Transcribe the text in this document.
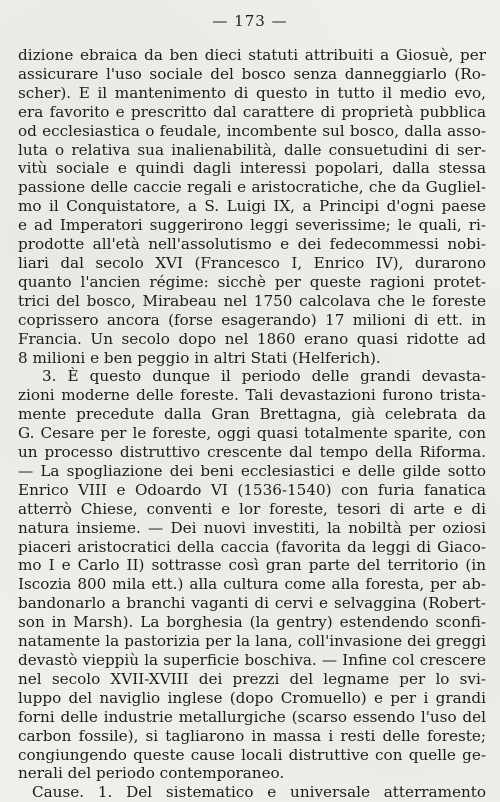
— 173 —
dizione ebraica da ben dieci statuti attribuiti a Giosuè, per
assicurare l'uso sociale del bosco senza danneggiarlo (Ro-
scher). E il mantenimento di questo in tutto il medio evo,
era favorito e prescritto dal carattere di proprietà pubblica
od ecclesiastica o feudale, incombente sul bosco, dalla asso-
luta o relativa sua inalienabilità, dalle consuetudini di ser-
vitù sociale e quindi dagli interessi popolari, dalla stessa
passione delle caccie regali e aristocratiche, che da Gugliel-
mo il Conquistatore, a S. Luigi IX, a Principi d'ogni paese
e ad Imperatori suggerirono leggi severissime; le quali, ri-
prodotte all'età nell'assolutismo e dei fedecommessi nobi-
liari dal secolo XVI (Francesco I, Enrico IV), durarono
quanto l'ancien régime: sicchè per queste ragioni protet-
trici del bosco, Mirabeau nel 1750 calcolava che le foreste
coprissero ancora (forse esagerando) 17 milioni di ett. in
Francia. Un secolo dopo nel 1860 erano quasi ridotte ad
8 milioni e ben peggio in altri Stati (Helferich).
3. È questo dunque il periodo delle grandi devasta-
zioni moderne delle foreste. Tali devastazioni furono trista-
mente precedute dalla Gran Brettagna, già celebrata da
G. Cesare per le foreste, oggi quasi totalmente sparite, con
un processo distruttivo crescente dal tempo della Riforma.
— La spogliazione dei beni ecclesiastici e delle gilde sotto
Enrico VIII e Odoardo VI (1536-1540) con furia fanatica
atterrò Chiese, conventi e lor foreste, tesori di arte e di
natura insieme. — Dei nuovi investiti, la nobiltà per oziosi
piaceri aristocratici della caccia (favorita da leggi di Giaco-
mo I e Carlo II) sottrasse così gran parte del territorio (in
Iscozia 800 mila ett.) alla cultura come alla foresta, per ab-
bandonarlo a branchi vaganti di cervi e selvaggina (Robert-
son in Marsh). La borghesia (la gentry) estendendo sconfi-
natamente la pastorizia per la lana, coll'invasione dei greggi
devastò vieppiù la superficie boschiva. — Infine col crescere
nel secolo XVII-XVIII dei prezzi del legname per lo svi-
luppo del naviglio inglese (dopo Cromuello) e per i grandi
forni delle industrie metallurgiche (scarso essendo l'uso del
carbon fossile), si tagliarono in massa i resti delle foreste;
congiungendo queste cause locali distruttive con quelle ge-
nerali del periodo contemporaneo.
Cause. 1. Del sistematico e universale atterramento
